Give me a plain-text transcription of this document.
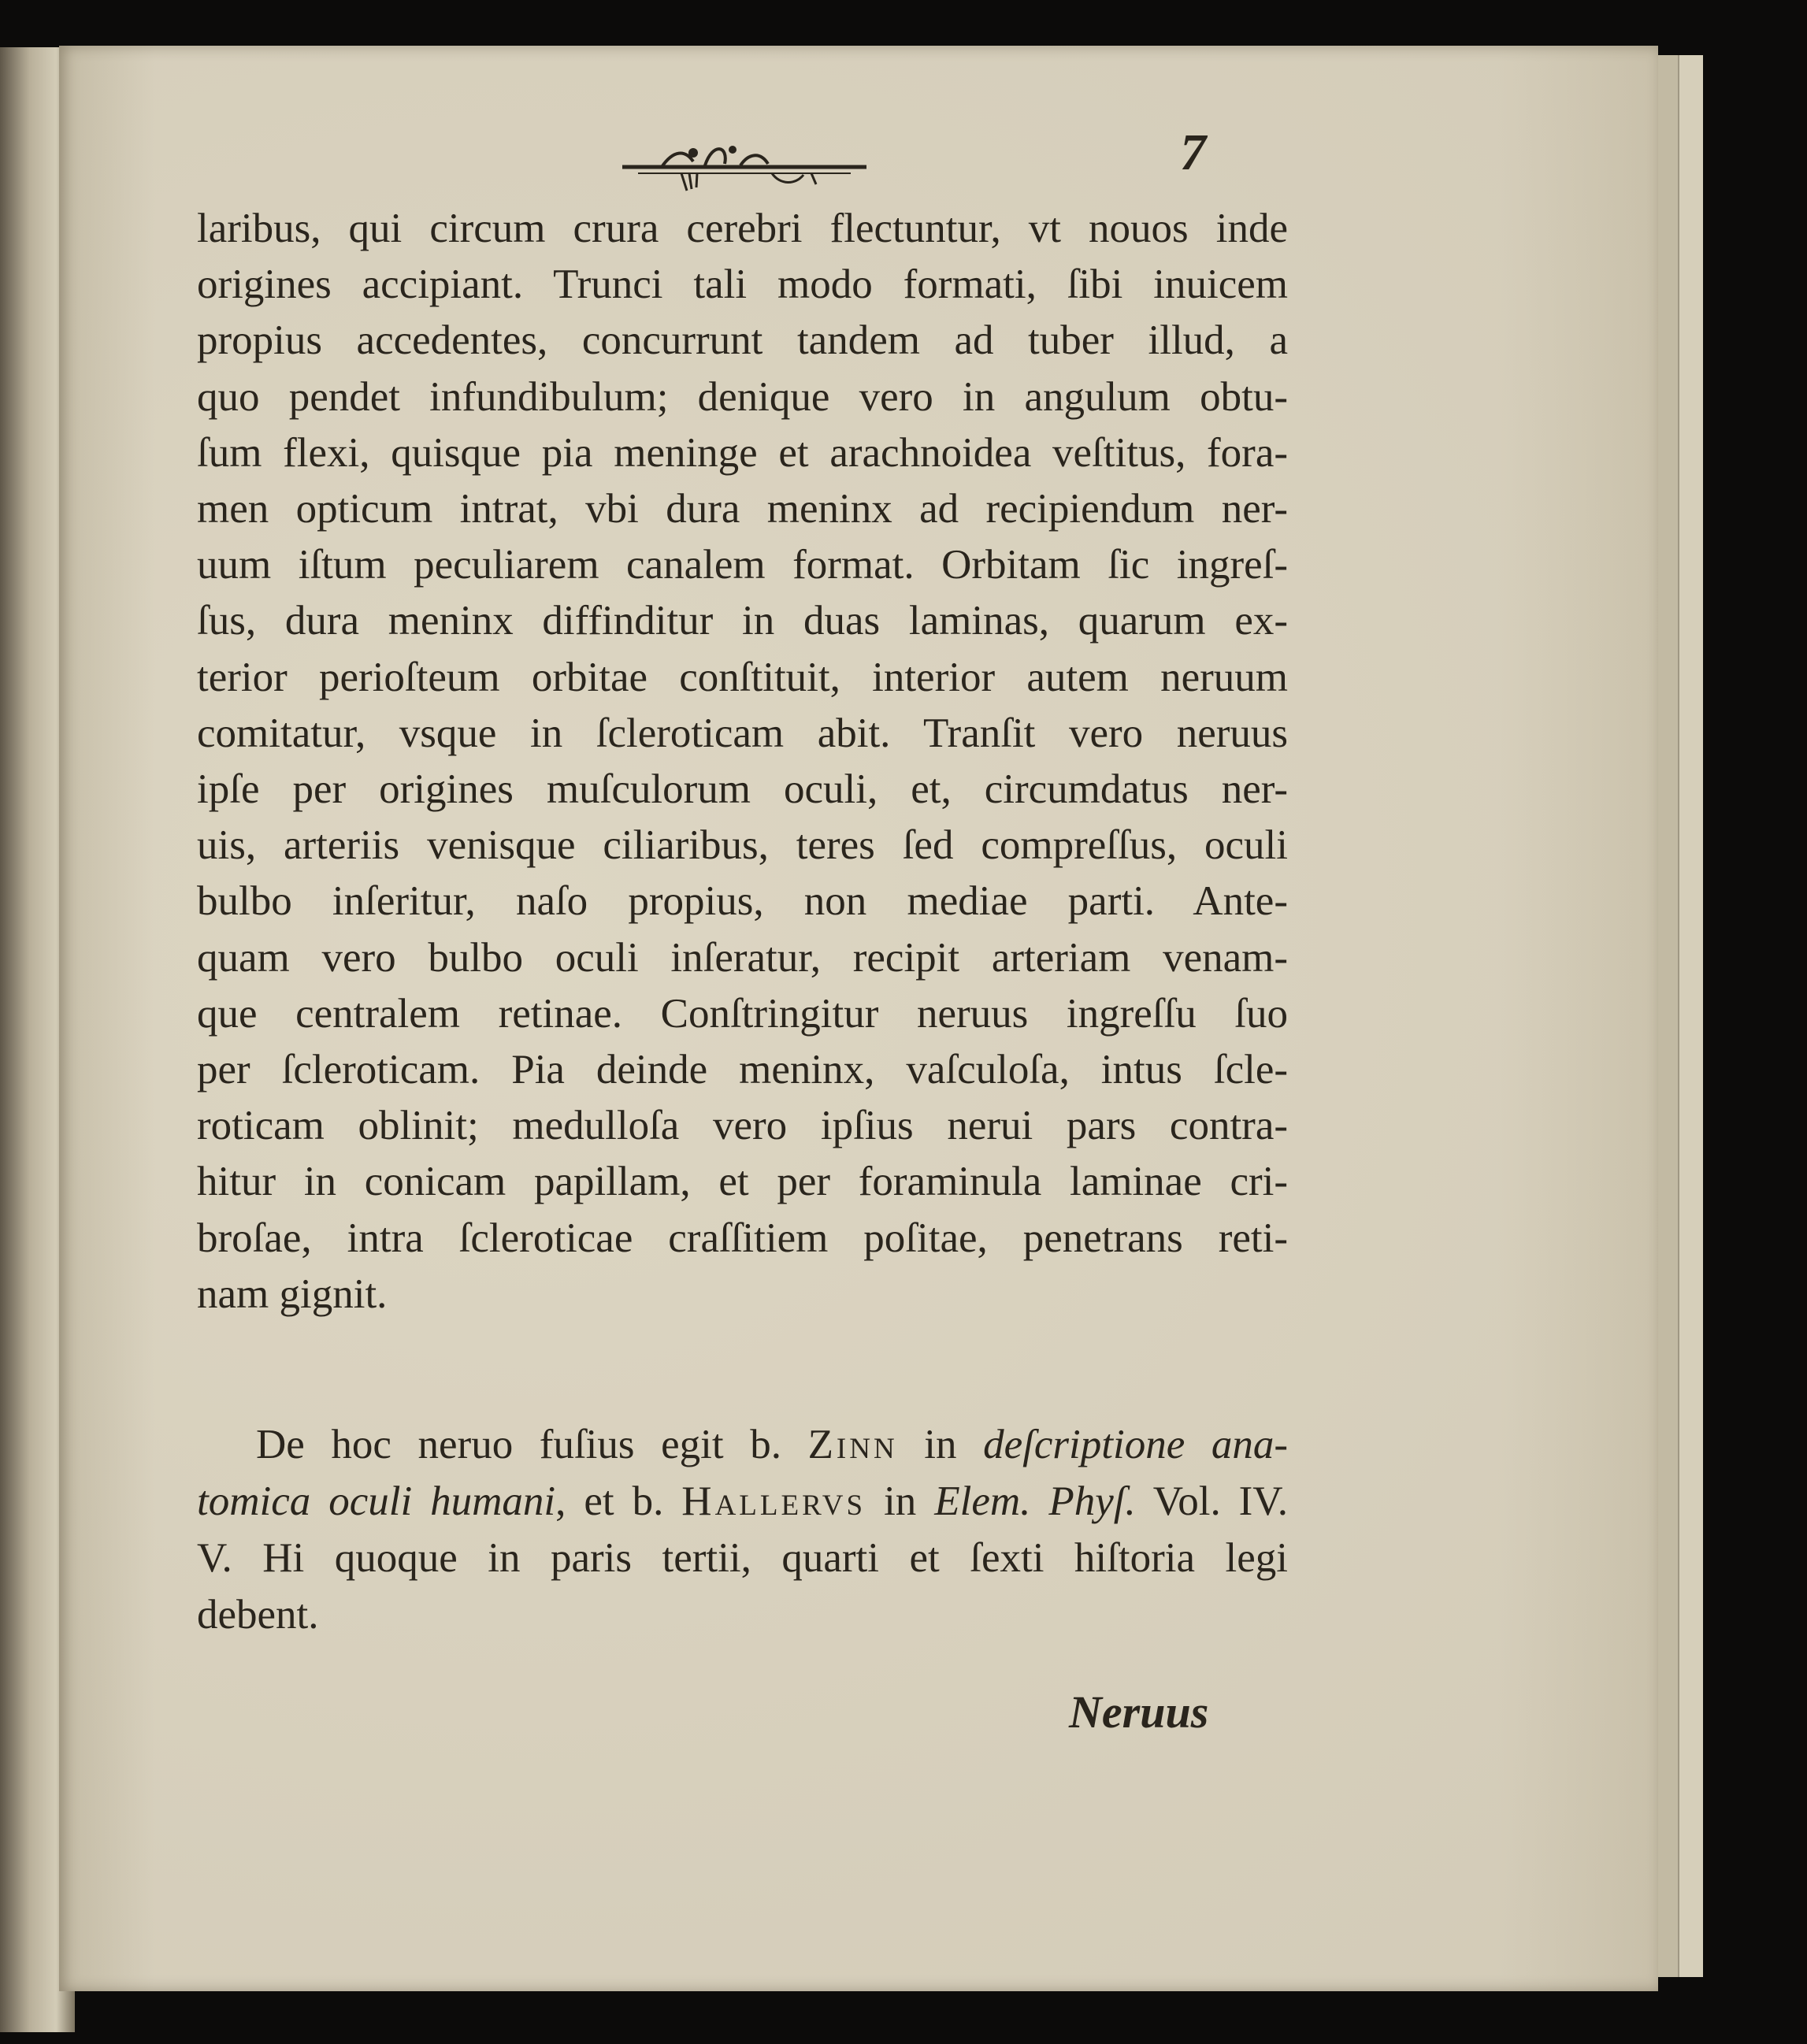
7
laribus, qui circum crura cerebri flectuntur, vt nouos inde
origines accipiant. Trunci tali modo formati, ſibi inuicem
propius accedentes, concurrunt tandem ad tuber illud, a
quo pendet infundibulum; denique vero in angulum obtu-
ſum flexi, quisque pia meninge et arachnoidea veſtitus, fora-
men opticum intrat, vbi dura meninx ad recipiendum ner-
uum iſtum peculiarem canalem format. Orbitam ſic ingreſ-
ſus, dura meninx diffinditur in duas laminas, quarum ex-
terior perioſteum orbitae conſtituit, interior autem neruum
comitatur, vsque in ſcleroticam abit. Tranſit vero neruus
ipſe per origines muſculorum oculi, et, circumdatus ner-
uis, arteriis venisque ciliaribus, teres ſed compreſſus, oculi
bulbo inſeritur, naſo propius, non mediae parti. Ante-
quam vero bulbo oculi inſeratur, recipit arteriam venam-
que centralem retinae. Conſtringitur neruus ingreſſu ſuo
per ſcleroticam. Pia deinde meninx, vaſculoſa, intus ſcle-
roticam oblinit; medulloſa vero ipſius nerui pars contra-
hitur in conicam papillam, et per foraminula laminae cri-
broſae, intra ſcleroticae craſſitiem poſitae, penetrans reti-
nam gignit.
De hoc neruo fuſius egit b. Zinn in deſcriptione ana-
tomica oculi humani, et b. Hallervs in Elem. Phyſ. Vol. IV.
V. Hi quoque in paris tertii, quarti et ſexti hiſtoria legi
debent.
Neruus
